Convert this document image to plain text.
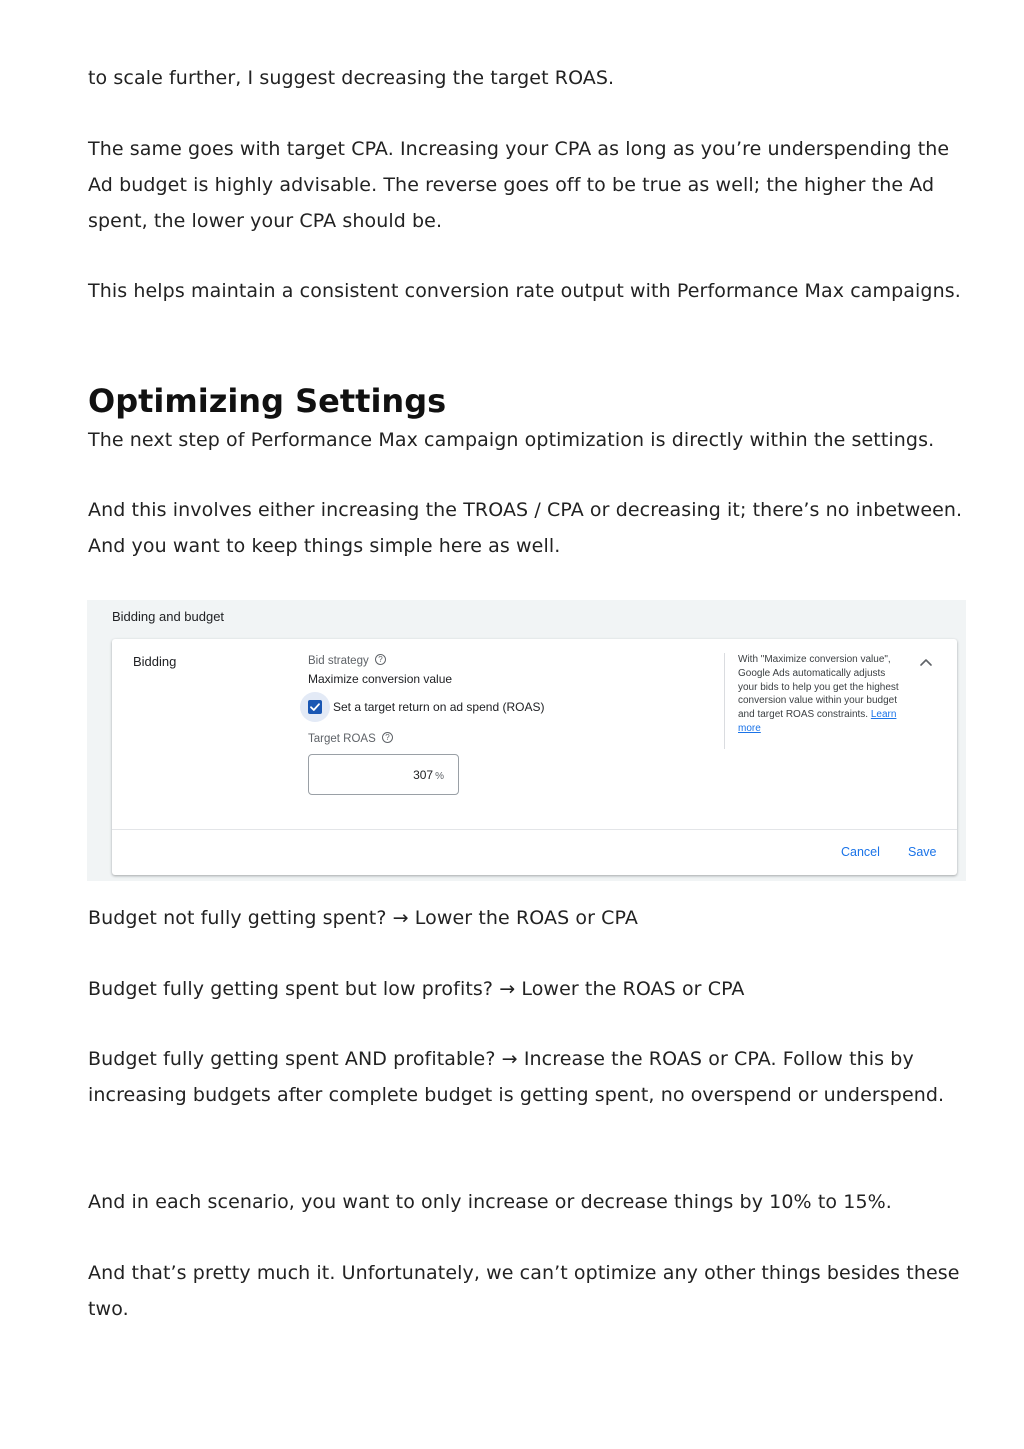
to scale further, I suggest decreasing the target ROAS.

The same goes with target CPA. Increasing your CPA as long as you’re underspending the Ad budget is highly advisable. The reverse goes off to be true as well; the higher the Ad spent, the lower your CPA should be.

This helps maintain a consistent conversion rate output with Performance Max campaigns.

Optimizing Settings

The next step of Performance Max campaign optimization is directly within the settings.

And this involves either increasing the TROAS / CPA or decreasing it; there’s no inbetween. And you want to keep things simple here as well.

Bidding and budget
Bidding	Bid strategy ?
Maximize conversion value
Set a target return on ad spend (ROAS)
Target ROAS ?
307 %
With "Maximize conversion value", Google Ads automatically adjusts your bids to help you get the highest conversion value within your budget and target ROAS constraints. Learn more
Cancel Save

Budget not fully getting spent? → Lower the ROAS or CPA

Budget fully getting spent but low profits? → Lower the ROAS or CPA

Budget fully getting spent AND profitable? → Increase the ROAS or CPA. Follow this by increasing budgets after complete budget is getting spent, no overspend or underspend.

And in each scenario, you want to only increase or decrease things by 10% to 15%.

And that’s pretty much it. Unfortunately, we can’t optimize any other things besides these two.
